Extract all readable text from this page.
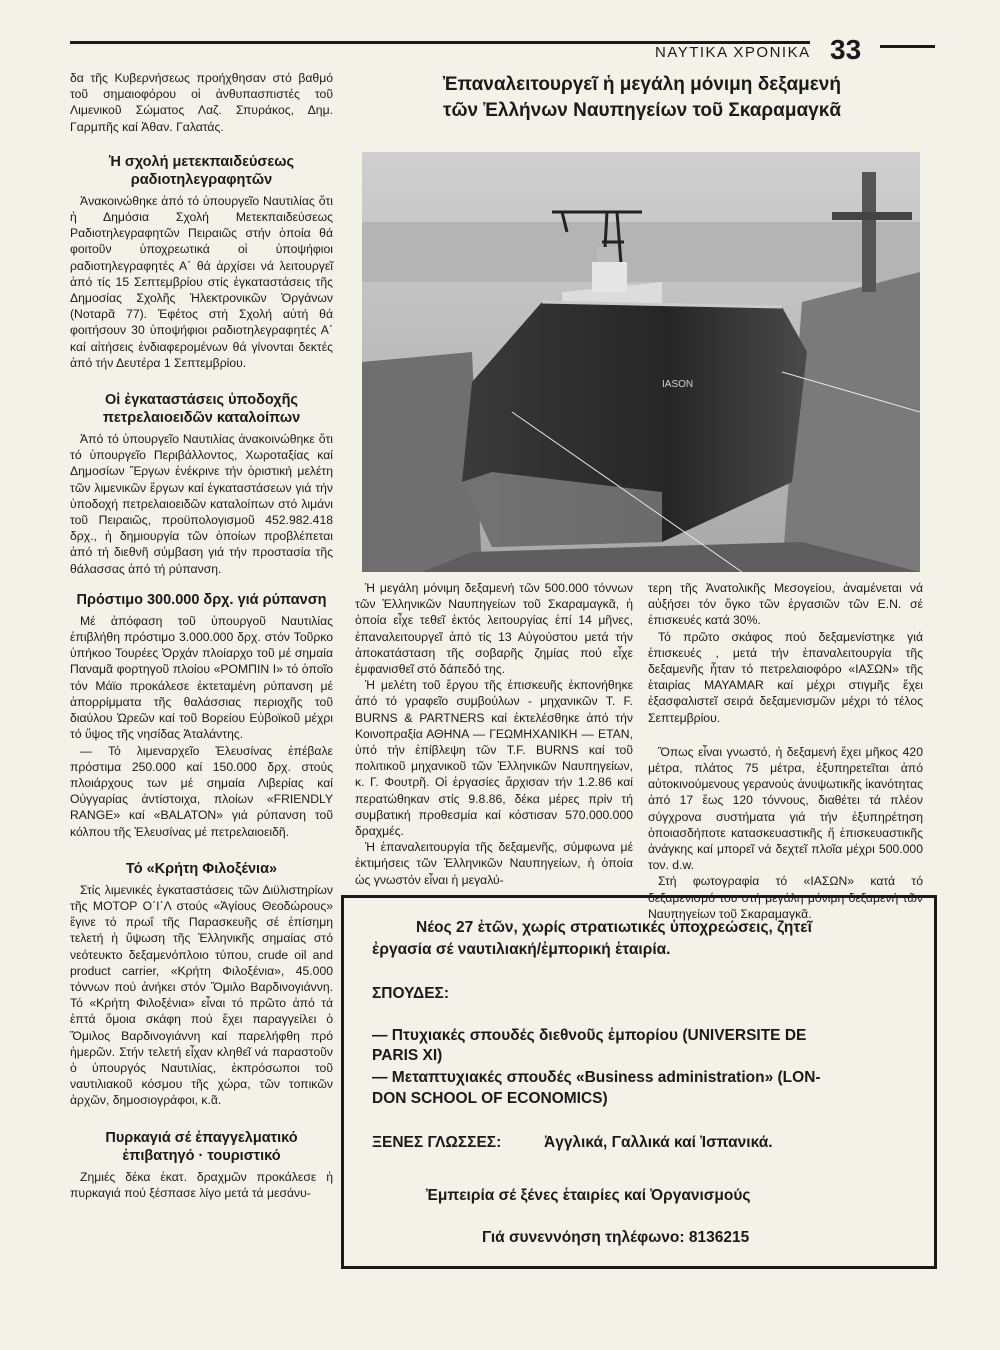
ΝΑΥΤΙΚΑ ΧΡΟΝΙΚΑ 33

δα τῆς Κυβερνήσεως προήχθησαν στό βαθμό τοῦ σημαιοφόρου οἱ ἀνθυπασπιστές τοῦ Λιμενικοῦ Σώματος Λαζ. Σπυράκος, Δημ. Γαρμπῆς καί Ἀθαν. Γαλατάς.

Ἡ σχολή μετεκπαιδεύσεως ραδιοτηλεγραφητῶν

Ἀνακοινώθηκε ἀπό τό ὑπουργεῖο Ναυτιλίας ὅτι ἡ Δημόσια Σχολή Μετεκπαιδεύσεως Ραδιοτηλεγραφητῶν Πειραιῶς στήν ὁποία θά φοιτοῦν ὑποχρεωτικά οἱ ὑποψήφιοι ραδιοτηλεγραφητές Α΄ θά ἀρχίσει νά λειτουργεῖ ἀπό τίς 15 Σεπτεμβρίου στίς ἐγκαταστάσεις τῆς Δημοσίας Σχολῆς Ἠλεκτρονικῶν Ὀργάνων (Νοταρᾶ 77). Ἐφέτος στή Σχολή αὐτή θά φοιτήσουν 30 ὑποψήφιοι ραδιοτηλεγραφητές Α΄ καί αἰτήσεις ἐνδιαφερομένων θά γίνονται δεκτές ἀπό τήν Δευτέρα 1 Σεπτεμβρίου.

Οἱ ἐγκαταστάσεις ὑποδοχῆς πετρελαιοειδῶν καταλοίπων

Ἀπό τό ὑπουργεῖο Ναυτιλίας ἀνακοινώθηκε ὅτι τό ὑπουργεῖο Περιβάλλοντος, Χωροταξίας καί Δημοσίων Ἔργων ἐνέκρινε τήν ὁριστική μελέτη τῶν λιμενικῶν ἔργων καί ἐγκαταστάσεων γιά τήν ὑποδοχή πετρελαιοειδῶν καταλοίπων στό λιμάνι τοῦ Πειραιῶς, προϋπολογισμοῦ 452.982.418 δρχ., ἡ δημιουργία τῶν ὁποίων προβλέπεται ἀπό τή διεθνῆ σύμβαση γιά τήν προστασία τῆς θάλασσας ἀπό τή ρύπανση.

Πρόστιμο 300.000 δρχ. γιά ρύπανση

Μέ ἀπόφαση τοῦ ὑπουργοῦ Ναυτιλίας ἐπιβλήθη πρόστιμο 3.000.000 δρχ. στόν Τοῦρκο ὑπήκοο Τουρέες Ὀρχάν πλοίαρχο τοῦ μέ σημαία Παναμᾶ φορτηγοῦ πλοίου «ΡΟΜΠΙΝ Ι» τό ὁποῖο τόν Μάϊο προκάλεσε ἐκτεταμένη ρύπανση μέ ἀπορρίμματα τῆς θαλάσσιας περιοχῆς τοῦ διαύλου Ὠρεῶν καί τοῦ Βορείου Εὐβοϊκοῦ μέχρι τό ὕψος τῆς νησίδας Ἀταλάντης.

— Τό λιμεναρχεῖο Ἐλευσίνας ἐπέβαλε πρόστιμα 250.000 καί 150.000 δρχ. στούς πλοιάρχους των μέ σημαία Λιβερίας καί Οὐγγαρίας ἀντίστοιχα, πλοίων «FRIENDLY RANGE» καί «BALATON» γιά ρύπανση τοῦ κόλπου τῆς Ἐλευσίνας μέ πετρελαιοειδῆ.

Τό «Κρήτη Φιλοξένια»

Στίς λιμενικές ἐγκαταστάσεις τῶν Διϋλιστηρίων τῆς ΜΟΤΟΡ Ο΄Ι΄Λ στούς «Ἁγίους Θεοδώρους» ἔγινε τό πρωΐ τῆς Παρασκευῆς σέ ἐπίσημη τελετή ἡ ὕψωση τῆς Ἑλληνικῆς σημαίας στό νεότευκτο δεξαμενόπλοιο τύπου, crude oil and product carrier, «Κρήτη Φιλοξένια», 45.000 τόννων πού ἀνήκει στόν Ὅμιλο Βαρδινογιάννη. Τό «Κρήτη Φιλοξένια» εἶναι τό πρῶτο ἀπό τά ἑπτά ὅμοια σκάφη πού ἔχει παραγγείλει ὁ Ὅμιλος Βαρδινογιάννη καί παρελήφθη πρό ἡμερῶν. Στήν τελετή εἶχαν κληθεῖ νά παραστοῦν ὁ ὑπουργός Ναυτιλίας, ἐκπρόσωποι τοῦ ναυτιλιακοῦ κόσμου τῆς χώρα, τῶν τοπικῶν ἀρχῶν, δημοσιογράφοι, κ.ᾶ.

Πυρκαγιά σέ ἐπαγγελματικό ἐπιβατηγό · τουριστικό

Ζημιές δέκα ἑκατ. δραχμῶν προκάλεσε ἡ πυρκαγιά πού ξέσπασε λίγο μετά τά μεσάνυ-

Ἐπαναλειτουργεῖ ἡ μεγάλη μόνιμη δεξαμενή
τῶν Ἑλλήνων Ναυπηγείων τοῦ Σκαραμαγκᾶ
IASON

Ἡ μεγάλη μόνιμη δεξαμενή τῶν 500.000 τόννων τῶν Ἑλληνικῶν Ναυπηγείων τοῦ Σκαραμαγκᾶ, ἡ ὁποία εἶχε τεθεῖ ἐκτός λειτουργίας ἐπί 14 μῆνες, ἐπαναλειτουργεῖ ἀπό τίς 13 Αὐγούστου μετά τήν ἀποκατάσταση τῆς σοβαρῆς ζημίας πού εἶχε ἐμφανισθεῖ στό δάπεδό της.

Ἡ μελέτη τοῦ ἔργου τῆς ἐπισκευῆς ἐκπονήθηκε ἀπό τό γραφεῖο συμβούλων - μηχανικῶν T. F. BURNS & PARTNERS καί ἐκτελέσθηκε ἀπό τήν Κοινοπραξία ΑΘΗΝΑ — ΓΕΩΜΗΧΑΝΙΚΗ — ΕΤΑΝ, ὑπό τήν ἐπίβλεψη τῶν T.F. BURNS καί τοῦ πολιτικοῦ μηχανικοῦ τῶν Ἑλληνικῶν Ναυπηγείων, κ. Γ. Φουτρῆ. Οἱ ἐργασίες ἄρχισαν τήν 1.2.86 καί περατώθηκαν στίς 9.8.86, δέκα μέρες πρίν τή συμβατική προθεσμία καί κόστισαν 570.000.000 δραχμές.

Ἡ ἐπαναλειτουργία τῆς δεξαμενῆς, σύμφωνα μέ ἐκτιμήσεις τῶν Ἑλληνικῶν Ναυπηγείων, ἡ ὁποία ὡς γνωστόν εἶναι ἡ μεγαλύ-

τερη τῆς Ἀνατολικῆς Μεσογείου, ἀναμένεται νά αὐξήσει τόν ὄγκο τῶν ἐργασιῶν τῶν Ε.Ν. σέ ἐπισκευές κατά 30%.

Τό πρῶτο σκάφος πού δεξαμενίστηκε γιά ἐπισκευές , μετά τήν ἐπαναλειτουργία τῆς δεξαμενῆς ἦταν τό πετρελαιοφόρο «ΙΑΣΩΝ» τῆς ἑταιρίας MAYAMAR καί μέχρι στιγμῆς ἔχει ἐξασφαλιστεῖ σειρά δεξαμενισμῶν μέχρι τό τέλος Σεπτεμβρίου.

Ὅπως εἶναι γνωστό, ἡ δεξαμενή ἔχει μῆκος 420 μέτρα, πλάτος 75 μέτρα, ἐξυπηρετεῖται ἀπό αὐτοκινούμενους γερανούς ἀνυψωτικῆς ἱκανότητας ἀπό 17 ἕως 120 τόννους, διαθέτει τά πλέον σύγχρονα συστήματα γιά τήν ἐξυπηρέτηση ὁποιασδήποτε κατασκευαστικῆς ἤ ἐπισκευαστικῆς ἀνάγκης καί μπορεῖ νά δεχτεῖ πλοῖα μέχρι 500.000 τον. d.w.

Στή φωτογραφία τό «ΙΑΣΩΝ» κατά τό δεξαμενισμό του στή μεγάλη μόνιμη δεξαμενή τῶν Ναυπηγείων τοῦ Σκαραμαγκᾶ.

Νέος 27 ἐτῶν, χωρίς στρατιωτικές ὑποχρεώσεις, ζητεῖ
ἐργασία σέ ναυτιλιακή/ἐμπορική ἑταιρία.
ΣΠΟΥΔΕΣ:
— Πτυχιακές σπουδές διεθνοῦς ἐμπορίου (UNIVERSITE DE
PARIS XI)
— Μεταπτυχιακές σπουδές «Business administration» (LON-
DON SCHOOL OF ECONOMICS)
ΞΕΝΕΣ ΓΛΩΣΣΕΣ:	Ἀγγλικά, Γαλλικά καί Ἱσπανικά.
Ἐμπειρία σέ ξένες ἑταιρίες καί Ὀργανισμούς
Γιά συνεννόηση τηλέφωνο: 8136215
